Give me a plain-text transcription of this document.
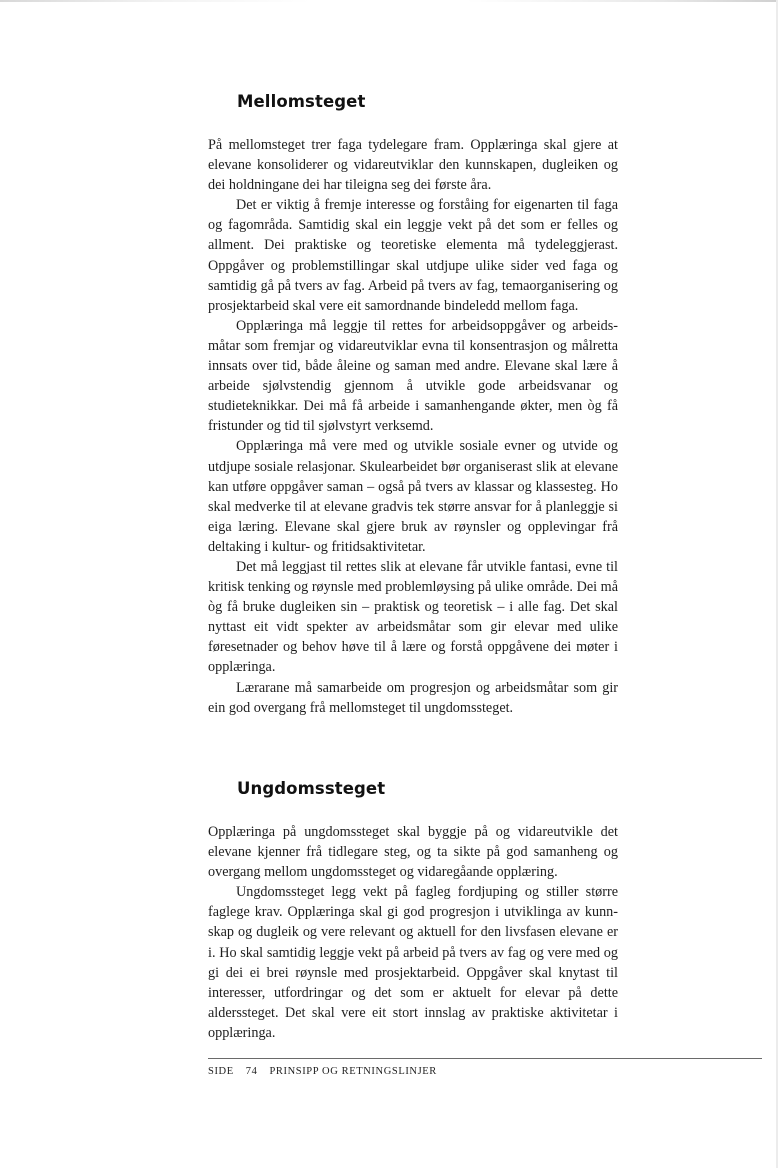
Mellomsteget

På mellomsteget trer faga tydelegare fram. Opplæringa skal gjere at elevane konsoliderer og vidareutviklar den kunnskapen, dugleiken og dei holdningane dei har tileigna seg dei første åra.

Det er viktig å fremje interesse og forståing for eigenarten til faga og fagområda. Samtidig skal ein leggje vekt på det som er felles og allment. Dei praktiske og teoretiske elementa må tydeleggjerast. Oppgåver og problemstillingar skal utdjupe ulike sider ved faga og samtidig gå på tvers av fag. Arbeid på tvers av fag, temaorganisering og prosjektarbeid skal vere eit samordnande bindeledd mellom faga.

Opplæringa må leggje til rettes for arbeidsoppgåver og arbeidsmåtar som fremjar og vidareutviklar evna til konsentrasjon og målretta innsats over tid, både åleine og saman med andre. Elevane skal lære å arbeide sjølvstendig gjennom å utvikle gode arbeidsvanar og studieteknikkar. Dei må få arbeide i samanhengande økter, men òg få fristunder og tid til sjølvstyrt verksemd.

Opplæringa må vere med og utvikle sosiale evner og utvide og utdjupe sosiale relasjonar. Skulearbeidet bør organiserast slik at elevane kan utføre oppgåver saman – også på tvers av klassar og klassesteg. Ho skal medverke til at elevane gradvis tek større ansvar for å planleggje si eiga læring. Elevane skal gjere bruk av røynsler og opplevingar frå deltaking i kultur- og fritidsaktivitetar.

Det må leggjast til rettes slik at elevane får utvikle fantasi, evne til kritisk tenking og røynsle med problemløysing på ulike område. Dei må òg få bruke dugleiken sin – praktisk og teoretisk – i alle fag. Det skal nyttast eit vidt spekter av arbeidsmåtar som gir elevar med ulike føresetnader og behov høve til å lære og forstå oppgåvene dei møter i opplæringa.

Lærarane må samarbeide om progresjon og arbeidsmåtar som gir ein god overgang frå mellomsteget til ungdomssteget.

Ungdomssteget

Opplæringa på ungdomssteget skal byggje på og vidareutvikle det elevane kjenner frå tidlegare steg, og ta sikte på god samanheng og overgang mellom ungdomssteget og vidaregåande opplæring.

Ungdomssteget legg vekt på fagleg fordjuping og stiller større faglege krav. Opplæringa skal gi god progresjon i utviklinga av kunnskap og dugleik og vere relevant og aktuell for den livsfasen elevane er i. Ho skal samtidig leggje vekt på arbeid på tvers av fag og vere med og gi dei ei brei røynsle med prosjektarbeid. Oppgåver skal knytast til interesser, utfordringar og det som er aktuelt for elevar på dette alderssteget. Det skal vere eit stort innslag av praktiske aktivitetar i opplæringa.

SIDE 74 PRINSIPP OG RETNINGSLINJER
